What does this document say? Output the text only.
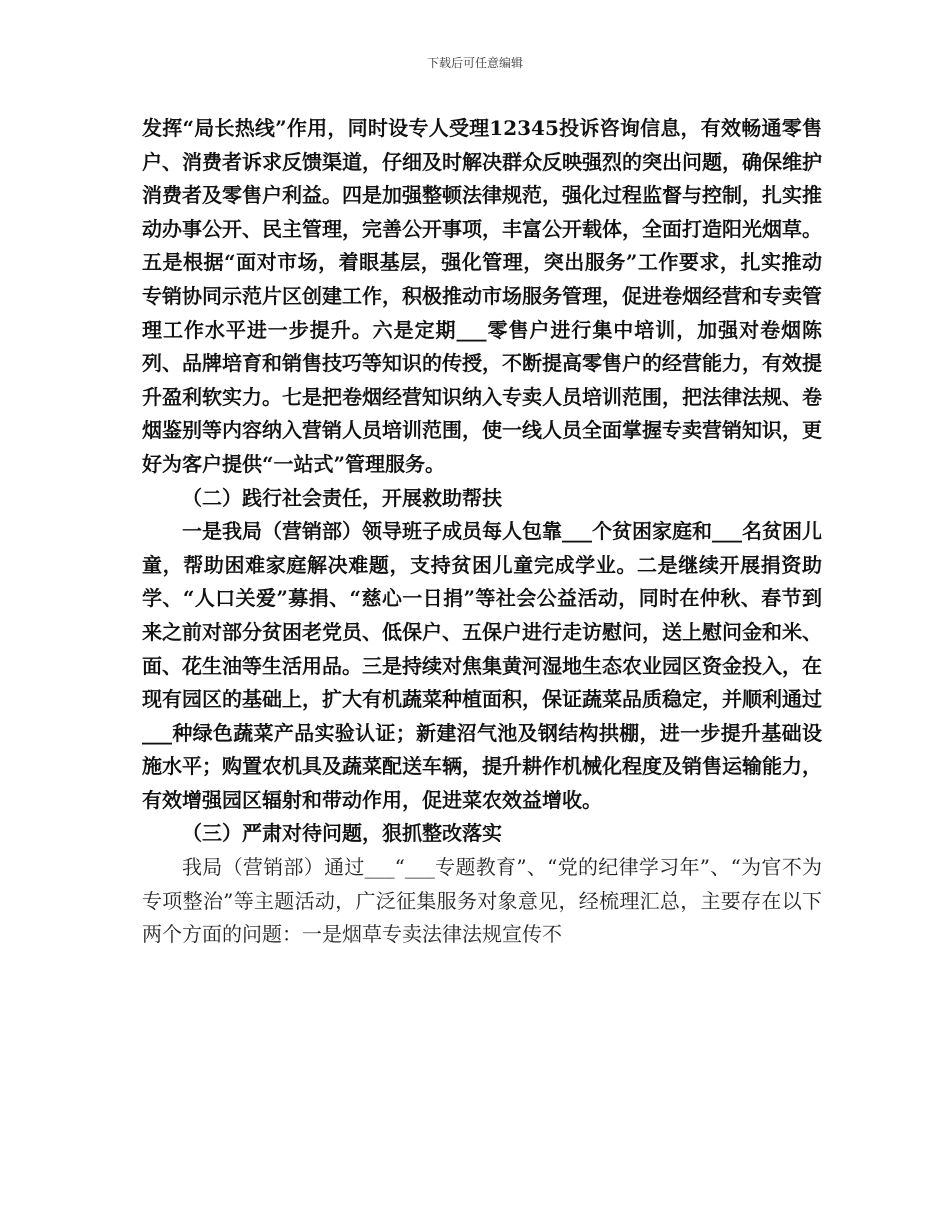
下载后可任意编辑

发挥“局长热线”作用，同时设专人受理12345投诉咨询信息，有效畅通零售户、消费者诉求反馈渠道，仔细及时解决群众反映强烈的突出问题，确保维护消费者及零售户利益。四是加强整顿法律规范，强化过程监督与控制，扎实推动办事公开、民主管理，完善公开事项，丰富公开载体，全面打造阳光烟草。五是根据“面对市场，着眼基层，强化管理，突出服务”工作要求，扎实推动专销协同示范片区创建工作，积极推动市场服务管理，促进卷烟经营和专卖管理工作水平进一步提升。六是定期___零售户进行集中培训，加强对卷烟陈列、品牌培育和销售技巧等知识的传授，不断提高零售户的经营能力，有效提升盈利软实力。七是把卷烟经营知识纳入专卖人员培训范围，把法律法规、卷烟鉴别等内容纳入营销人员培训范围，使一线人员全面掌握专卖营销知识，更好为客户提供“一站式”管理服务。

（二）践行社会责任，开展救助帮扶

一是我局（营销部）领导班子成员每人包靠___个贫困家庭和___名贫困儿童，帮助困难家庭解决难题，支持贫困儿童完成学业。二是继续开展捐资助学、“人口关爱”募捐、“慈心一日捐”等社会公益活动，同时在仲秋、春节到来之前对部分贫困老党员、低保户、五保户进行走访慰问，送上慰问金和米、面、花生油等生活用品。三是持续对焦集黄河湿地生态农业园区资金投入，在现有园区的基础上，扩大有机蔬菜种植面积，保证蔬菜品质稳定，并顺利通过___种绿色蔬菜产品实验认证；新建沼气池及钢结构拱棚，进一步提升基础设施水平；购置农机具及蔬菜配送车辆，提升耕作机械化程度及销售运输能力，有效增强园区辐射和带动作用，促进菜农效益增收。

（三）严肃对待问题，狠抓整改落实

我局（营销部）通过___“___专题教育”、“党的纪律学习年”、“为官不为专项整治”等主题活动，广泛征集服务对象意见，经梳理汇总，主要存在以下两个方面的问题：一是烟草专卖法律法规宣传不
